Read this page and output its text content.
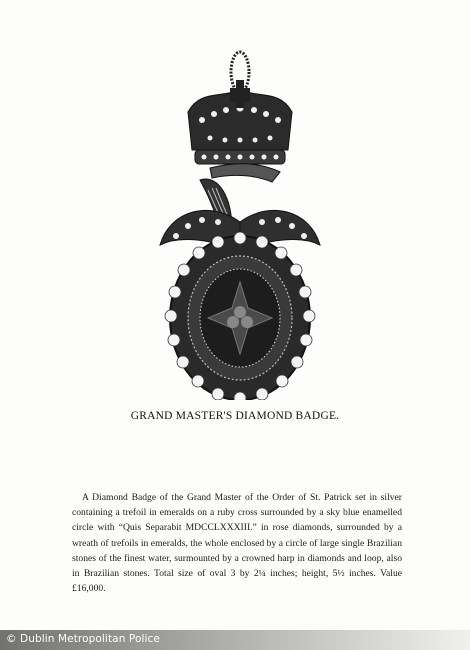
GRAND MASTER'S DIAMOND BADGE.

A Diamond Badge of the Grand Master of the Order of St. Patrick set in silver containing a trefoil in emeralds on a ruby cross surrounded by a sky blue enamelled circle with “Quis Separabit MDCCLXXXIII.” in rose diamonds, surrounded by a wreath of trefoils in emeralds, the whole enclosed by a circle of large single Brazilian stones of the finest water, surmounted by a crowned harp in diamonds and loop, also in Brazilian stones. Total size of oval 3 by 2¼ inches; height, 5½ inches. Value £16,000.

© Dublin Metropolitan Police
